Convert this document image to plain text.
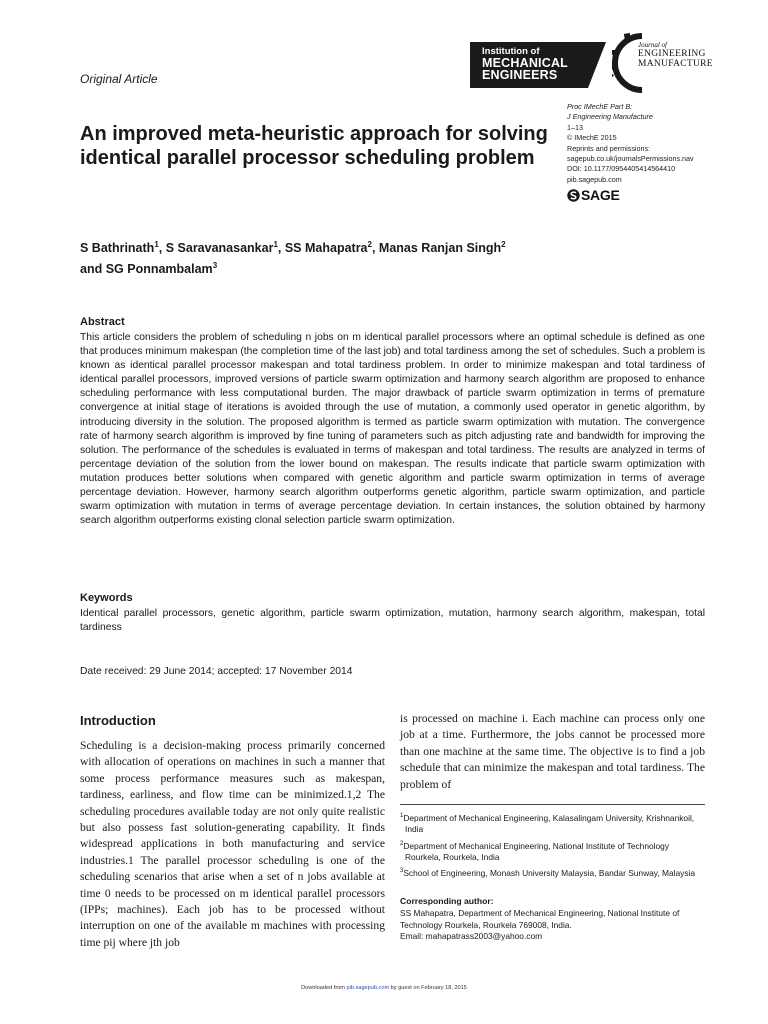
Original Article
Institution of
MECHANICAL
ENGINEERS
Journal of
ENGINEERING
MANUFACTURE
Proc IMechE Part B:
J Engineering Manufacture
1–13
© IMechE 2015
Reprints and permissions:
sagepub.co.uk/journalsPermissions.nav
DOI: 10.1177/0954405414564410
pib.sagepub.com
SAGE
An improved meta-heuristic approach for solving identical parallel processor scheduling problem
S Bathrinath$^1$, S Saravanasankar$^1$, SS Mahapatra$^2$, Manas Ranjan Singh$^2$
and SG Ponnambalam$^3$
Abstract
This article considers the problem of scheduling n jobs on m identical parallel processors where an optimal schedule is defined as one that produces minimum makespan (the completion time of the last job) and total tardiness among the set of schedules. Such a problem is known as identical parallel processor makespan and total tardiness problem. In order to minimize makespan and total tardiness of identical parallel processors, improved versions of particle swarm optimization and harmony search algorithm are proposed to enhance scheduling performance with less computational burden. The major drawback of particle swarm optimization in terms of premature convergence at initial stage of iterations is avoided through the use of mutation, a commonly used operator in genetic algorithm, by introducing diversity in the solution. The proposed algorithm is termed as particle swarm optimization with mutation. The convergence rate of harmony search algorithm is improved by fine tuning of parameters such as pitch adjusting rate and bandwidth for improving the solution. The performance of the schedules is evaluated in terms of makespan and total tardiness. The results are analyzed in terms of percentage deviation of the solution from the lower bound on makespan. The results indicate that particle swarm optimization with mutation produces better solutions when compared with genetic algorithm and particle swarm optimization in terms of average percentage deviation. However, harmony search algorithm outperforms genetic algorithm, particle swarm optimization, and particle swarm optimization with mutation in terms of average percentage deviation. In certain instances, the solution obtained by harmony search algorithm outperforms existing clonal selection particle swarm optimization.
Keywords
Identical parallel processors, genetic algorithm, particle swarm optimization, mutation, harmony search algorithm, makespan, total tardiness
Date received: 29 June 2014; accepted: 17 November 2014
Introduction
Scheduling is a decision-making process primarily concerned with allocation of operations on machines in such a manner that some process performance measures such as makespan, tardiness, earliness, and flow time can be minimized.1,2 The scheduling procedures available today are not only quite realistic but also possess fast solution-generating capability. It finds widespread applications in both manufacturing and service industries.1 The parallel processor scheduling is one of the scheduling scenarios that arise when a set of n jobs available at time 0 needs to be processed on m identical parallel processors (IPPs; machines). Each job has to be processed without interruption on one of the available m machines with processing time pij where jth job
is processed on machine i. Each machine can process only one job at a time. Furthermore, the jobs cannot be processed more than one machine at the same time. The objective is to find a job schedule that can minimize the makespan and total tardiness. The problem of
$^1$Department of Mechanical Engineering, Kalasalingam University, Krishnankoil, India
$^2$Department of Mechanical Engineering, National Institute of Technology Rourkela, Rourkela, India
$^3$School of Engineering, Monash University Malaysia, Bandar Sunway, Malaysia
Corresponding author:
SS Mahapatra, Department of Mechanical Engineering, National Institute of Technology Rourkela, Rourkela 769008, India.
Email: mahapatrass2003@yahoo.com
Downloaded from pib.sagepub.com by guest on February 18, 2015
